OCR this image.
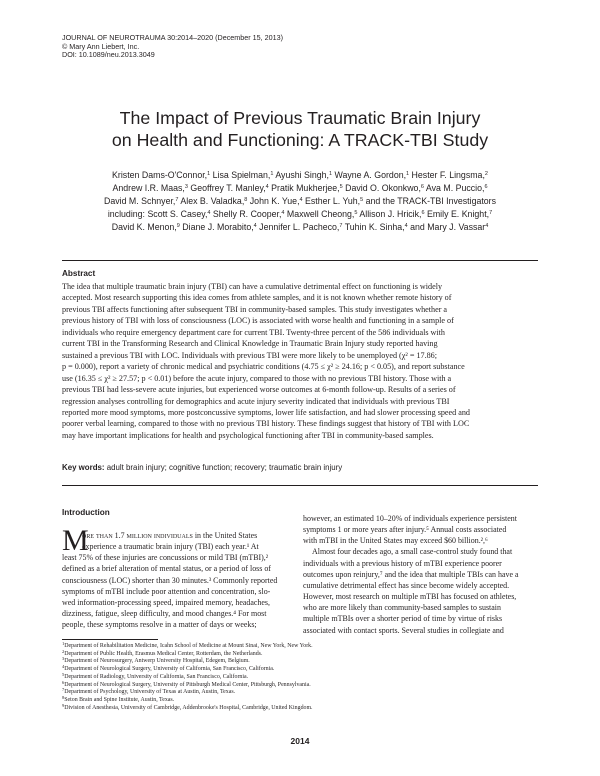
JOURNAL OF NEUROTRAUMA 30:2014–2020 (December 15, 2013)
© Mary Ann Liebert, Inc.
DOI: 10.1089/neu.2013.3049
The Impact of Previous Traumatic Brain Injury
on Health and Functioning: A TRACK-TBI Study
Kristen Dams-O'Connor,$^1$ Lisa Spielman,$^1$ Ayushi Singh,$^1$ Wayne A. Gordon,$^1$ Hester F. Lingsma,$^2$
Andrew I.R. Maas,$^3$ Geoffrey T. Manley,$^4$ Pratik Mukherjee,$^5$ David O. Okonkwo,$^6$ Ava M. Puccio,$^6$
David M. Schnyer,$^7$ Alex B. Valadka,$^8$ John K. Yue,$^4$ Esther L. Yuh,$^5$ and the TRACK-TBI Investigators
including: Scott S. Casey,$^4$ Shelly R. Cooper,$^4$ Maxwell Cheong,$^5$ Allison J. Hricik,$^6$ Emily E. Knight,$^7$
David K. Menon,$^9$ Diane J. Morabito,$^4$ Jennifer L. Pacheco,$^7$ Tuhin K. Sinha,$^4$ and Mary J. Vassar$^4$
Abstract
The idea that multiple traumatic brain injury (TBI) can have a cumulative detrimental effect on functioning is widely
accepted. Most research supporting this idea comes from athlete samples, and it is not known whether remote history of
previous TBI affects functioning after subsequent TBI in community-based samples. This study investigates whether a
previous history of TBI with loss of consciousness (LOC) is associated with worse health and functioning in a sample of
individuals who require emergency department care for current TBI. Twenty-three percent of the 586 individuals with
current TBI in the Transforming Research and Clinical Knowledge in Traumatic Brain Injury study reported having
sustained a previous TBI with LOC. Individuals with previous TBI were more likely to be unemployed (χ² = 17.86;
p = 0.000), report a variety of chronic medical and psychiatric conditions (4.75 ≤ χ² ≥ 24.16; p < 0.05), and report substance
use (16.35 ≤ χ² ≥ 27.57; p < 0.01) before the acute injury, compared to those with no previous TBI history. Those with a
previous TBI had less-severe acute injuries, but experienced worse outcomes at 6-month follow-up. Results of a series of
regression analyses controlling for demographics and acute injury severity indicated that individuals with previous TBI
reported more mood symptoms, more postconcussive symptoms, lower life satisfaction, and had slower processing speed and
poorer verbal learning, compared to those with no previous TBI history. These findings suggest that history of TBI with LOC
may have important implications for health and psychological functioning after TBI in community-based samples.
Key words: adult brain injury; cognitive function; recovery; traumatic brain injury
Introduction
M
ore than 1.7 million individuals in the United States
experience a traumatic brain injury (TBI) each year.¹ At
least 75% of these injuries are concussions or mild TBI (mTBI),²
defined as a brief alteration of mental status, or a period of loss of
consciousness (LOC) shorter than 30 minutes.³ Commonly reported
symptoms of mTBI include poor attention and concentration, slo-
wed information-processing speed, impaired memory, headaches,
dizziness, fatigue, sleep difficulty, and mood changes.⁴ For most
people, these symptoms resolve in a matter of days or weeks;
however, an estimated 10–20% of individuals experience persistent
symptoms 1 or more years after injury.⁵ Annual costs associated
with mTBI in the United States may exceed $60 billion.²,⁶
Almost four decades ago, a small case-control study found that
individuals with a previous history of mTBI experience poorer
outcomes upon reinjury,⁷ and the idea that multiple TBIs can have a
cumulative detrimental effect has since become widely accepted.
However, most research on multiple mTBI has focused on athletes,
who are more likely than community-based samples to sustain
multiple mTBIs over a shorter period of time by virtue of risks
associated with contact sports. Several studies in collegiate and
$^1$Department of Rehabilitation Medicine, Icahn School of Medicine at Mount Sinai, New York, New York.
$^2$Department of Public Health, Erasmus Medical Center, Rotterdam, the Netherlands.
$^3$Department of Neurosurgery, Antwerp University Hospital, Edegem, Belgium.
$^4$Department of Neurological Surgery, University of California, San Francisco, California.
$^5$Department of Radiology, University of California, San Francisco, California.
$^6$Department of Neurological Surgery, University of Pittsburgh Medical Center, Pittsburgh, Pennsylvania.
$^7$Department of Psychology, University of Texas at Austin, Austin, Texas.
$^8$Seton Brain and Spine Institute, Austin, Texas.
$^9$Division of Anesthesia, University of Cambridge, Addenbrooke's Hospital, Cambridge, United Kingdom.
2014
